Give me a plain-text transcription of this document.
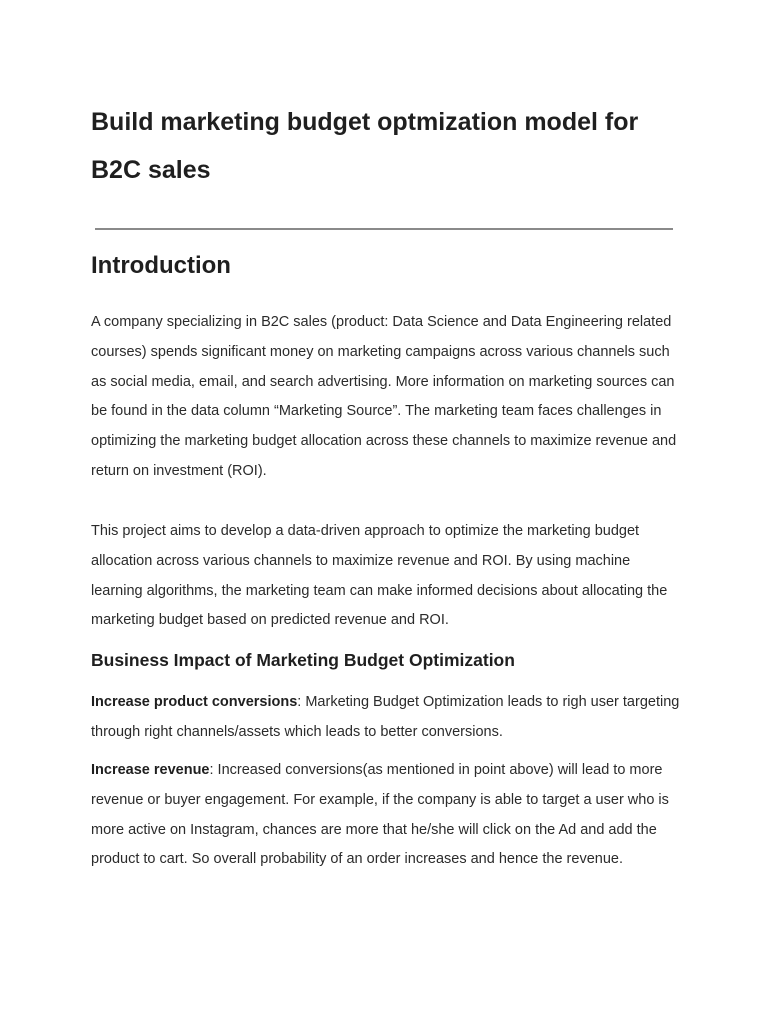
Build marketing budget optmization model for B2C sales
Introduction

A company specializing in B2C sales (product: Data Science and Data Engineering related courses) spends significant money on marketing campaigns across various channels such as social media, email, and search advertising. More information on marketing sources can be found in the data column “Marketing Source”. The marketing team faces challenges in optimizing the marketing budget allocation across these channels to maximize revenue and return on investment (ROI).

This project aims to develop a data-driven approach to optimize the marketing budget allocation across various channels to maximize revenue and ROI. By using machine learning algorithms, the marketing team can make informed decisions about allocating the marketing budget based on predicted revenue and ROI.

Business Impact of Marketing Budget Optimization

Increase product conversions: Marketing Budget Optimization leads to righ user targeting through right channels/assets which leads to better conversions.

Increase revenue: Increased conversions(as mentioned in point above) will lead to more revenue or buyer engagement. For example, if the company is able to target a user who is more active on Instagram, chances are more that he/she will click on the Ad and add the product to cart. So overall probability of an order increases and hence the revenue.
